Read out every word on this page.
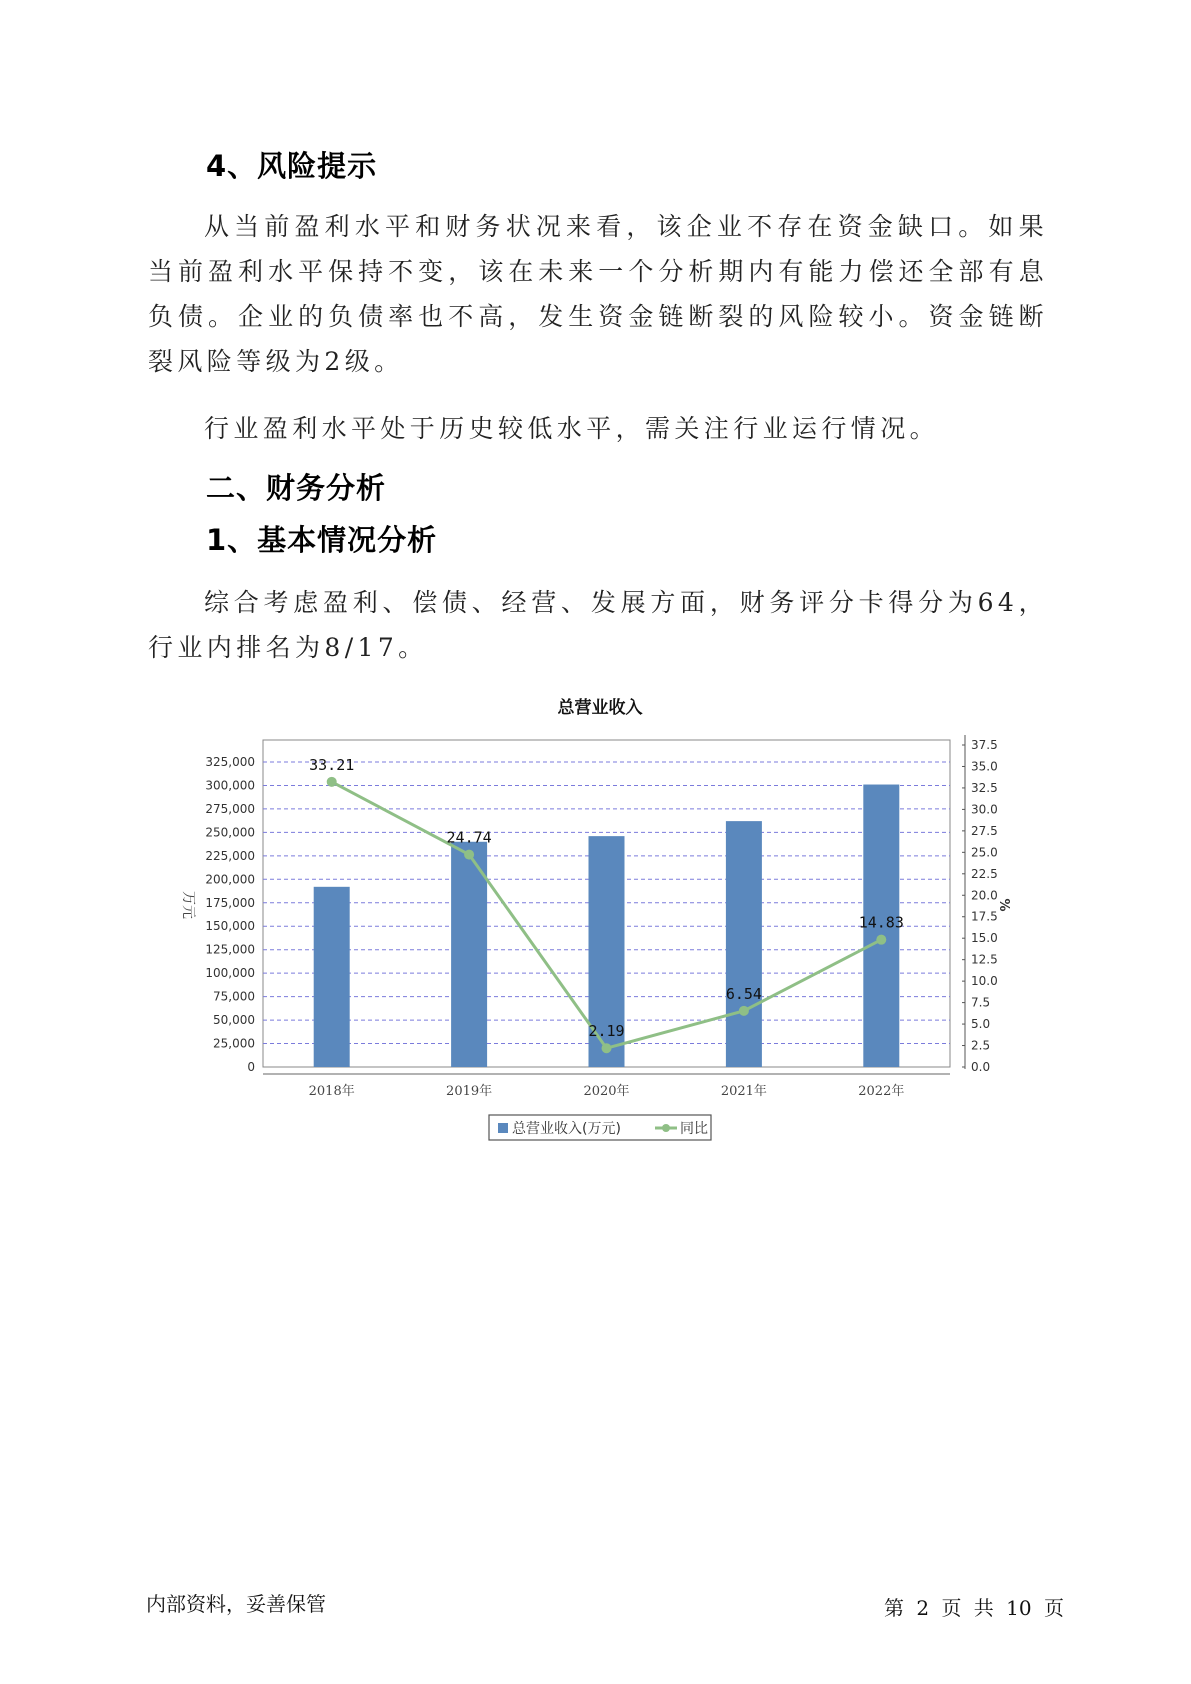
4、风险提示
从当前盈利水平和财务状况来看，该企业不存在资金缺口。如果当前盈利水平保持不变，该在未来一个分析期内有能力偿还全部有息负债。企业的负债率也不高，发生资金链断裂的风险较小。资金链断裂风险等级为2级。
行业盈利水平处于历史较低水平，需关注行业运行情况。
二、财务分析
1、基本情况分析
综合考虑盈利、偿债、经营、发展方面，财务评分卡得分为64，行业内排名为8/17。
总营业收入
33.21
24.74
2.19
6.54
14.83
0
25,000
50,000
75,000
100,000
125,000
150,000
175,000
200,000
225,000
250,000
275,000
300,000
325,000
0.0
2.5
5.0
7.5
10.0
12.5
15.0
17.5
20.0
22.5
25.0
27.5
30.0
32.5
35.0
37.5
2018年	2019年	2020年	2021年	2022年
万元	%
总营业收入(万元)	同比
内部资料，妥善保管	第 2 页 共 10 页
